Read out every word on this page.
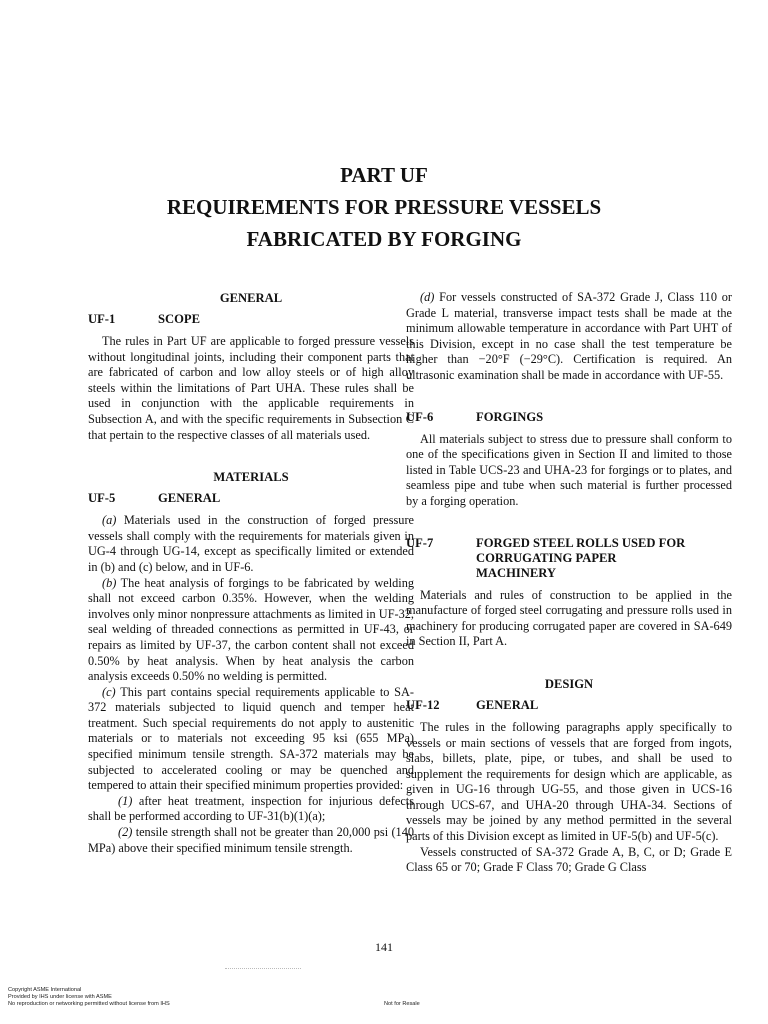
PART UF
REQUIREMENTS FOR PRESSURE VESSELS
FABRICATED BY FORGING
GENERAL
UF-1	SCOPE

The rules in Part UF are applicable to forged pressure vessels without longitudinal joints, including their component parts that are fabricated of carbon and low alloy steels or of high alloy steels within the limitations of Part UHA. These rules shall be used in conjunction with the applicable requirements in Subsection A, and with the specific requirements in Subsection C that pertain to the respective classes of all materials used.

MATERIALS
UF-5	GENERAL

(a) Materials used in the construction of forged pressure vessels shall comply with the requirements for materials given in UG-4 through UG-14, except as specifically limited or extended in (b) and (c) below, and in UF-6.

(b) The heat analysis of forgings to be fabricated by welding shall not exceed carbon 0.35%. However, when the welding involves only minor nonpressure attachments as limited in UF-32, seal welding of threaded connections as permitted in UF-43, or repairs as limited by UF-37, the carbon content shall not exceed 0.50% by heat analysis. When by heat analysis the carbon analysis exceeds 0.50% no welding is permitted.

(c) This part contains special requirements applicable to SA-372 materials subjected to liquid quench and temper heat treatment. Such special requirements do not apply to austenitic materials or to materials not exceeding 95 ksi (655 MPa) specified minimum tensile strength. SA-372 materials may be subjected to accelerated cooling or may be quenched and tempered to attain their specified minimum properties provided:

(1) after heat treatment, inspection for injurious defects shall be performed according to UF-31(b)(1)(a);

(2) tensile strength shall not be greater than 20,000 psi (140 MPa) above their specified minimum tensile strength.

(d) For vessels constructed of SA-372 Grade J, Class 110 or Grade L material, transverse impact tests shall be made at the minimum allowable temperature in accordance with Part UHT of this Division, except in no case shall the test temperature be higher than −20°F (−29°C). Certification is required. An ultrasonic examination shall be made in accordance with UF-55.

UF-6	FORGINGS

All materials subject to stress due to pressure shall conform to one of the specifications given in Section II and limited to those listed in Table UCS-23 and UHA-23 for forgings or to plates, and seamless pipe and tube when such material is further processed by a forging operation.

UF-7	FORGED STEEL ROLLS USED FOR
CORRUGATING PAPER
MACHINERY

Materials and rules of construction to be applied in the manufacture of forged steel corrugating and pressure rolls used in machinery for producing corrugated paper are covered in SA-649 in Section II, Part A.

DESIGN
UF-12	GENERAL

The rules in the following paragraphs apply specifically to vessels or main sections of vessels that are forged from ingots, slabs, billets, plate, pipe, or tubes, and shall be used to supplement the requirements for design which are applicable, as given in UG-16 through UG-55, and those given in UCS-16 through UCS-67, and UHA-20 through UHA-34. Sections of vessels may be joined by any method permitted in the several parts of this Division except as limited in UF-5(b) and UF-5(c).

Vessels constructed of SA-372 Grade A, B, C, or D; Grade E Class 65 or 70; Grade F Class 70; Grade G Class

141
Copyright ASME International
Provided by IHS under license with ASME
No reproduction or networking permitted without license from IHS	Not for Resale
